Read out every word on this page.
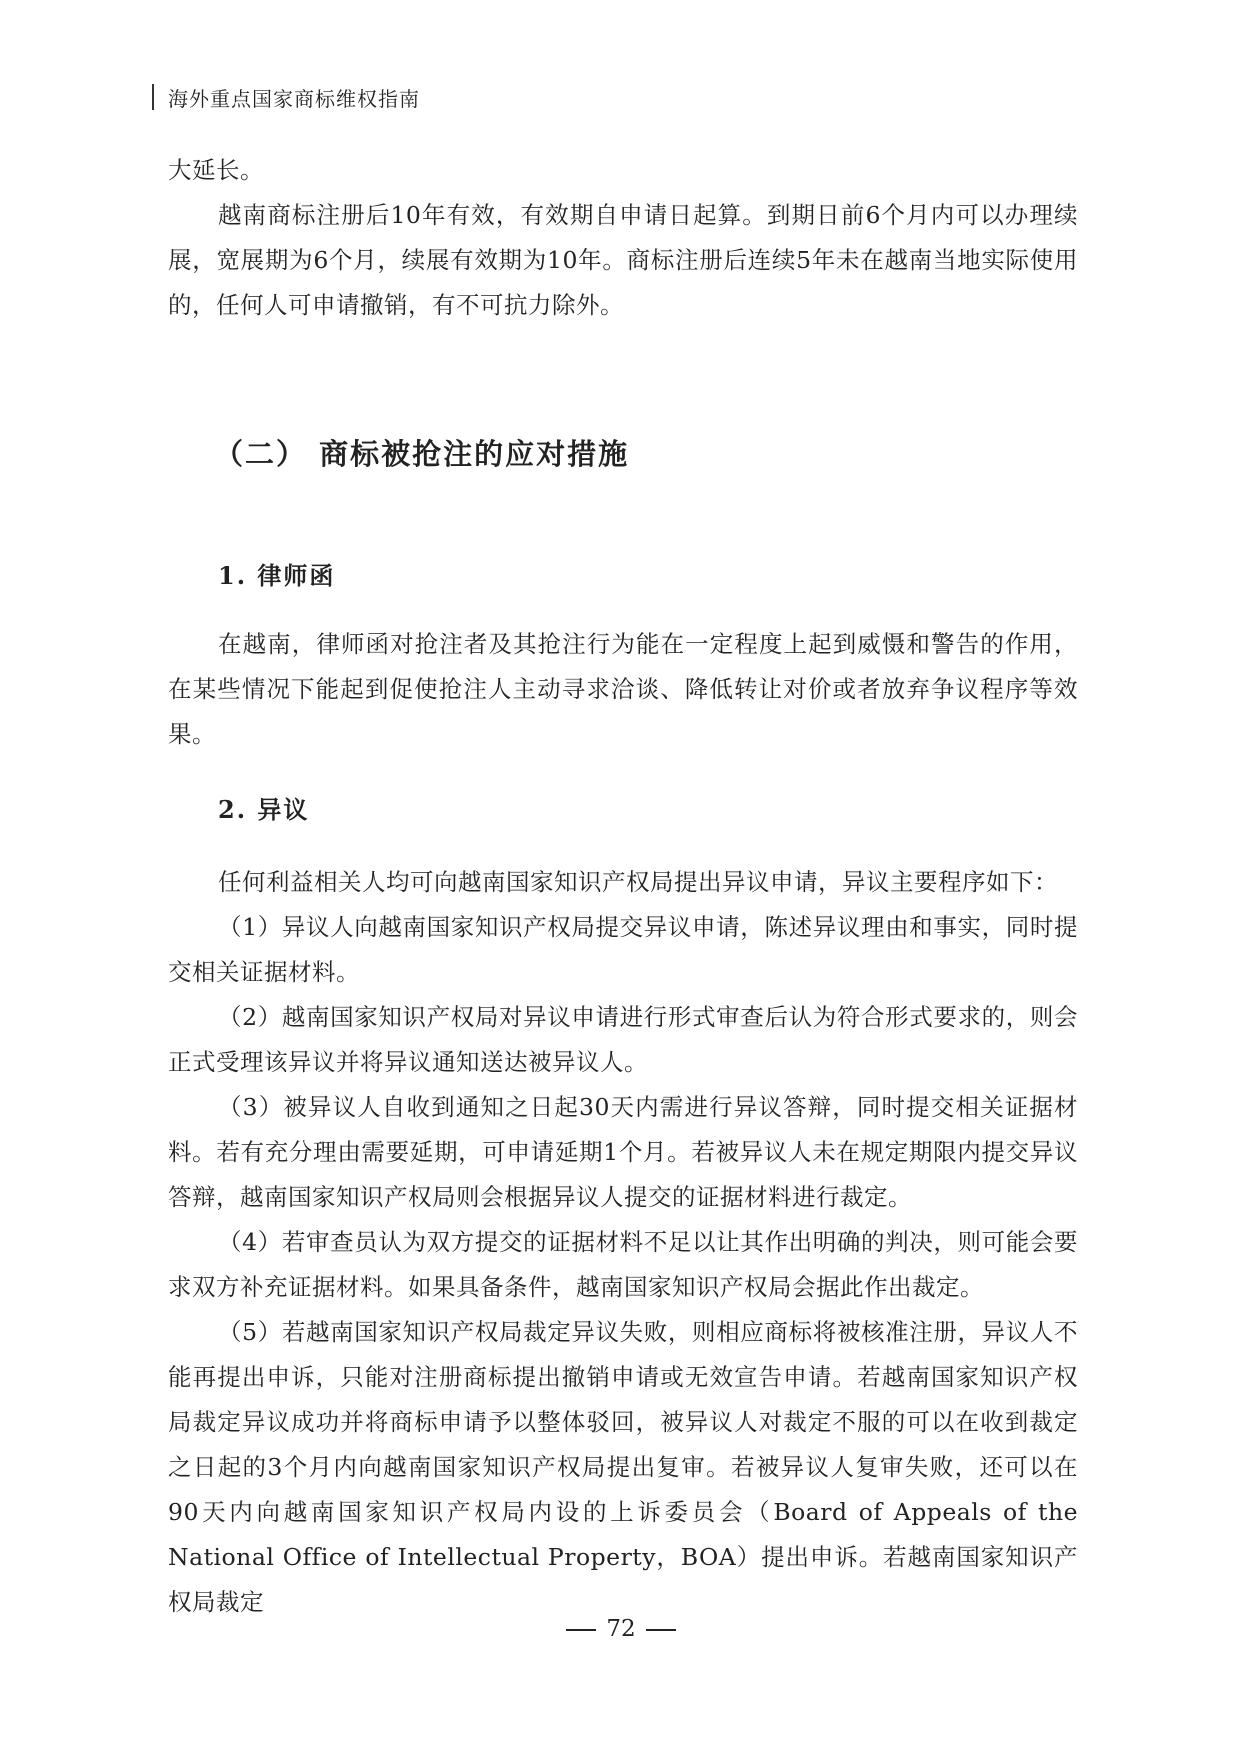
海外重点国家商标维权指南

大延长。

越南商标注册后10年有效，有效期自申请日起算。到期日前6个月内可以办理续展，宽展期为6个月，续展有效期为10年。商标注册后连续5年未在越南当地实际使用的，任何人可申请撤销，有不可抗力除外。

（二） 商标被抢注的应对措施
1. 律师函

在越南，律师函对抢注者及其抢注行为能在一定程度上起到威慑和警告的作用，在某些情况下能起到促使抢注人主动寻求洽谈、降低转让对价或者放弃争议程序等效果。

2. 异议

任何利益相关人均可向越南国家知识产权局提出异议申请，异议主要程序如下：

（1）异议人向越南国家知识产权局提交异议申请，陈述异议理由和事实，同时提交相关证据材料。

（2）越南国家知识产权局对异议申请进行形式审查后认为符合形式要求的，则会正式受理该异议并将异议通知送达被异议人。

（3）被异议人自收到通知之日起30天内需进行异议答辩，同时提交相关证据材料。若有充分理由需要延期，可申请延期1个月。若被异议人未在规定期限内提交异议答辩，越南国家知识产权局则会根据异议人提交的证据材料进行裁定。

（4）若审查员认为双方提交的证据材料不足以让其作出明确的判决，则可能会要求双方补充证据材料。如果具备条件，越南国家知识产权局会据此作出裁定。

（5）若越南国家知识产权局裁定异议失败，则相应商标将被核准注册，异议人不能再提出申诉，只能对注册商标提出撤销申请或无效宣告申请。若越南国家知识产权局裁定异议成功并将商标申请予以整体驳回，被异议人对裁定不服的可以在收到裁定之日起的3个月内向越南国家知识产权局提出复审。若被异议人复审失败，还可以在90天内向越南国家知识产权局内设的上诉委员会（Board of Appeals of the National Office of Intellectual Property，BOA）提出申诉。若越南国家知识产权局裁定

72
